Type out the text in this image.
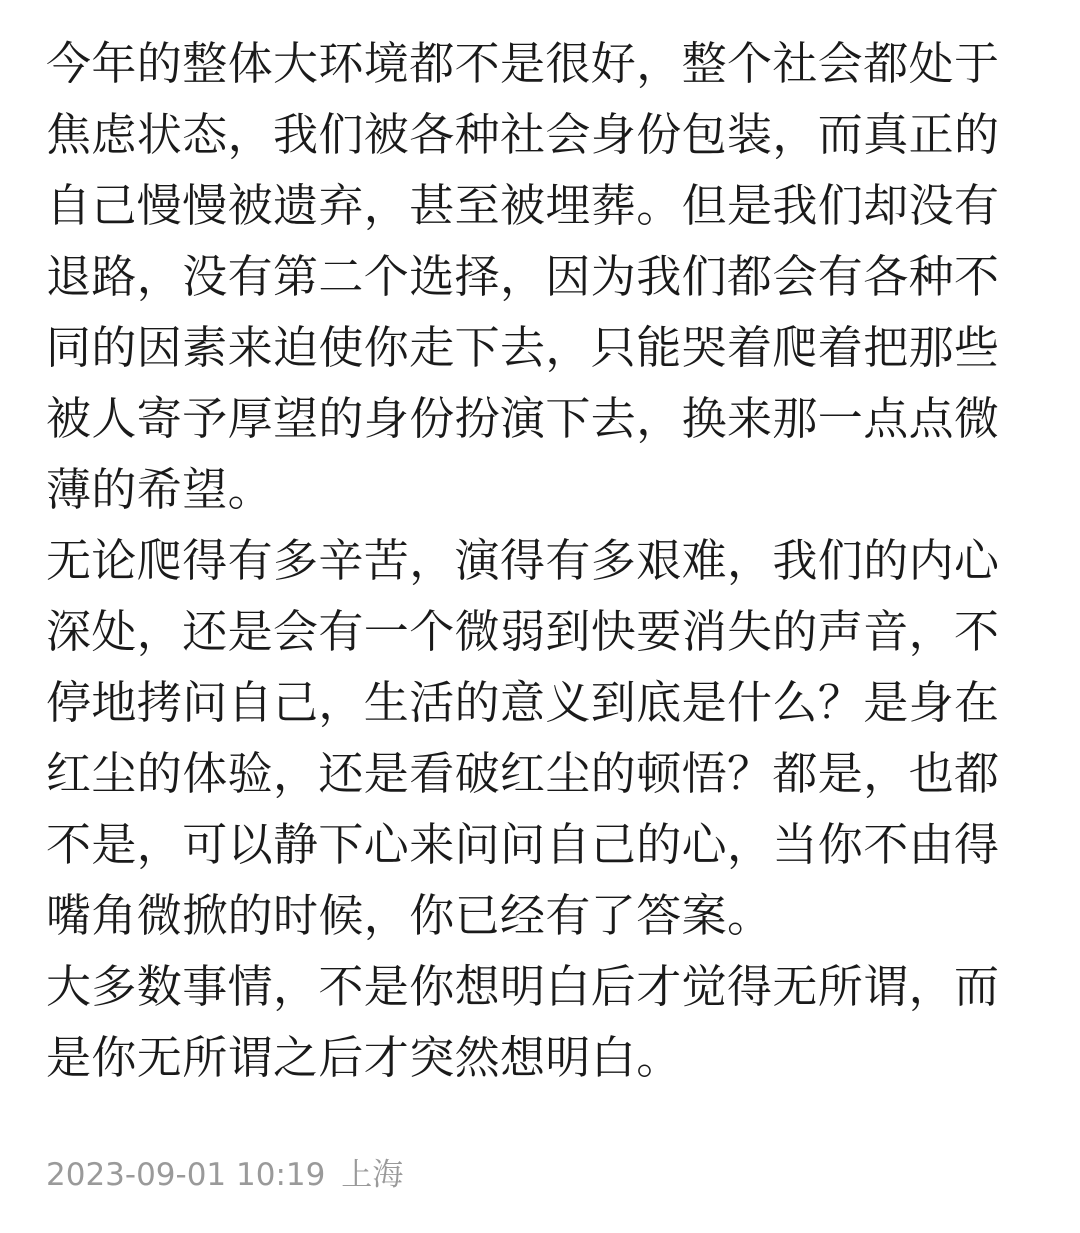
今年的整体大环境都不是很好，整个社会都处于
焦虑状态，我们被各种社会身份包装，而真正的
自己慢慢被遗弃，甚至被埋葬。但是我们却没有
退路，没有第二个选择，因为我们都会有各种不
同的因素来迫使你走下去，只能哭着爬着把那些
被人寄予厚望的身份扮演下去，换来那一点点微
薄的希望。

无论爬得有多辛苦，演得有多艰难，我们的内心
深处，还是会有一个微弱到快要消失的声音，不
停地拷问自己，生活的意义到底是什么？是身在
红尘的体验，还是看破红尘的顿悟？都是，也都
不是，可以静下心来问问自己的心，当你不由得
嘴角微掀的时候，你已经有了答案。

大多数事情，不是你想明白后才觉得无所谓，而
是你无所谓之后才突然想明白。

2023-09-01 10:19 上海
